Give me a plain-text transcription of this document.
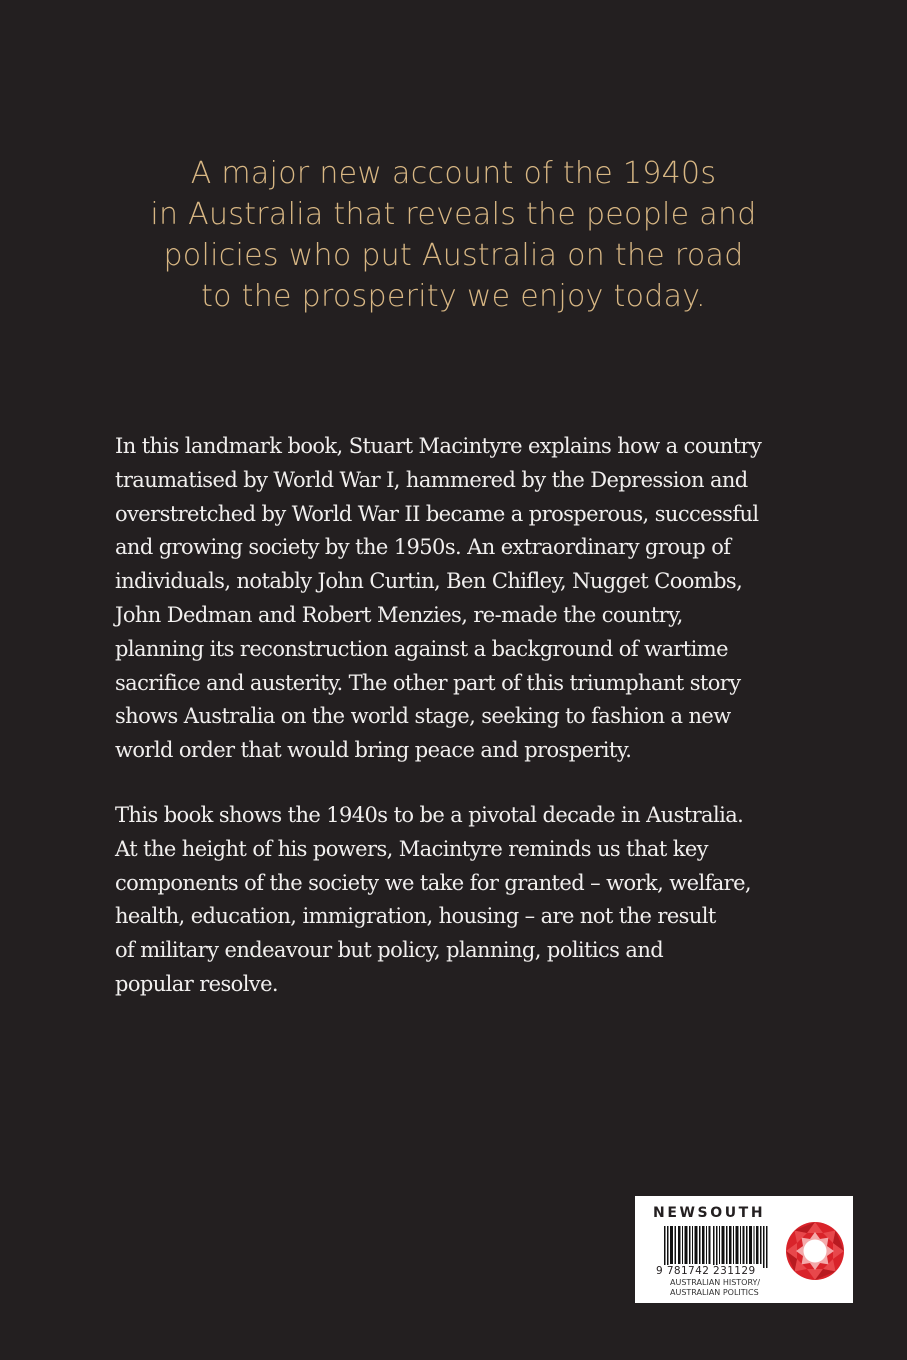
A major new account of the 1940s
in Australia that reveals the people and
policies who put Australia on the road
to the prosperity we enjoy today.

In this landmark book, Stuart Macintyre explains how a country
traumatised by World War I, hammered by the Depression and
overstretched by World War II became a prosperous, successful
and growing society by the 1950s. An extraordinary group of
individuals, notably John Curtin, Ben Chifley, Nugget Coombs,
John Dedman and Robert Menzies, re-made the country,
planning its reconstruction against a background of wartime
sacrifice and austerity. The other part of this triumphant story
shows Australia on the world stage, seeking to fashion a new
world order that would bring peace and prosperity.

This book shows the 1940s to be a pivotal decade in Australia.
At the height of his powers, Macintyre reminds us that key
components of the society we take for granted – work, welfare,
health, education, immigration, housing – are not the result
of military endeavour but policy, planning, politics and
popular resolve.

NEWSOUTH
9 781742 231129
AUSTRALIAN HISTORY/
AUSTRALIAN POLITICS
